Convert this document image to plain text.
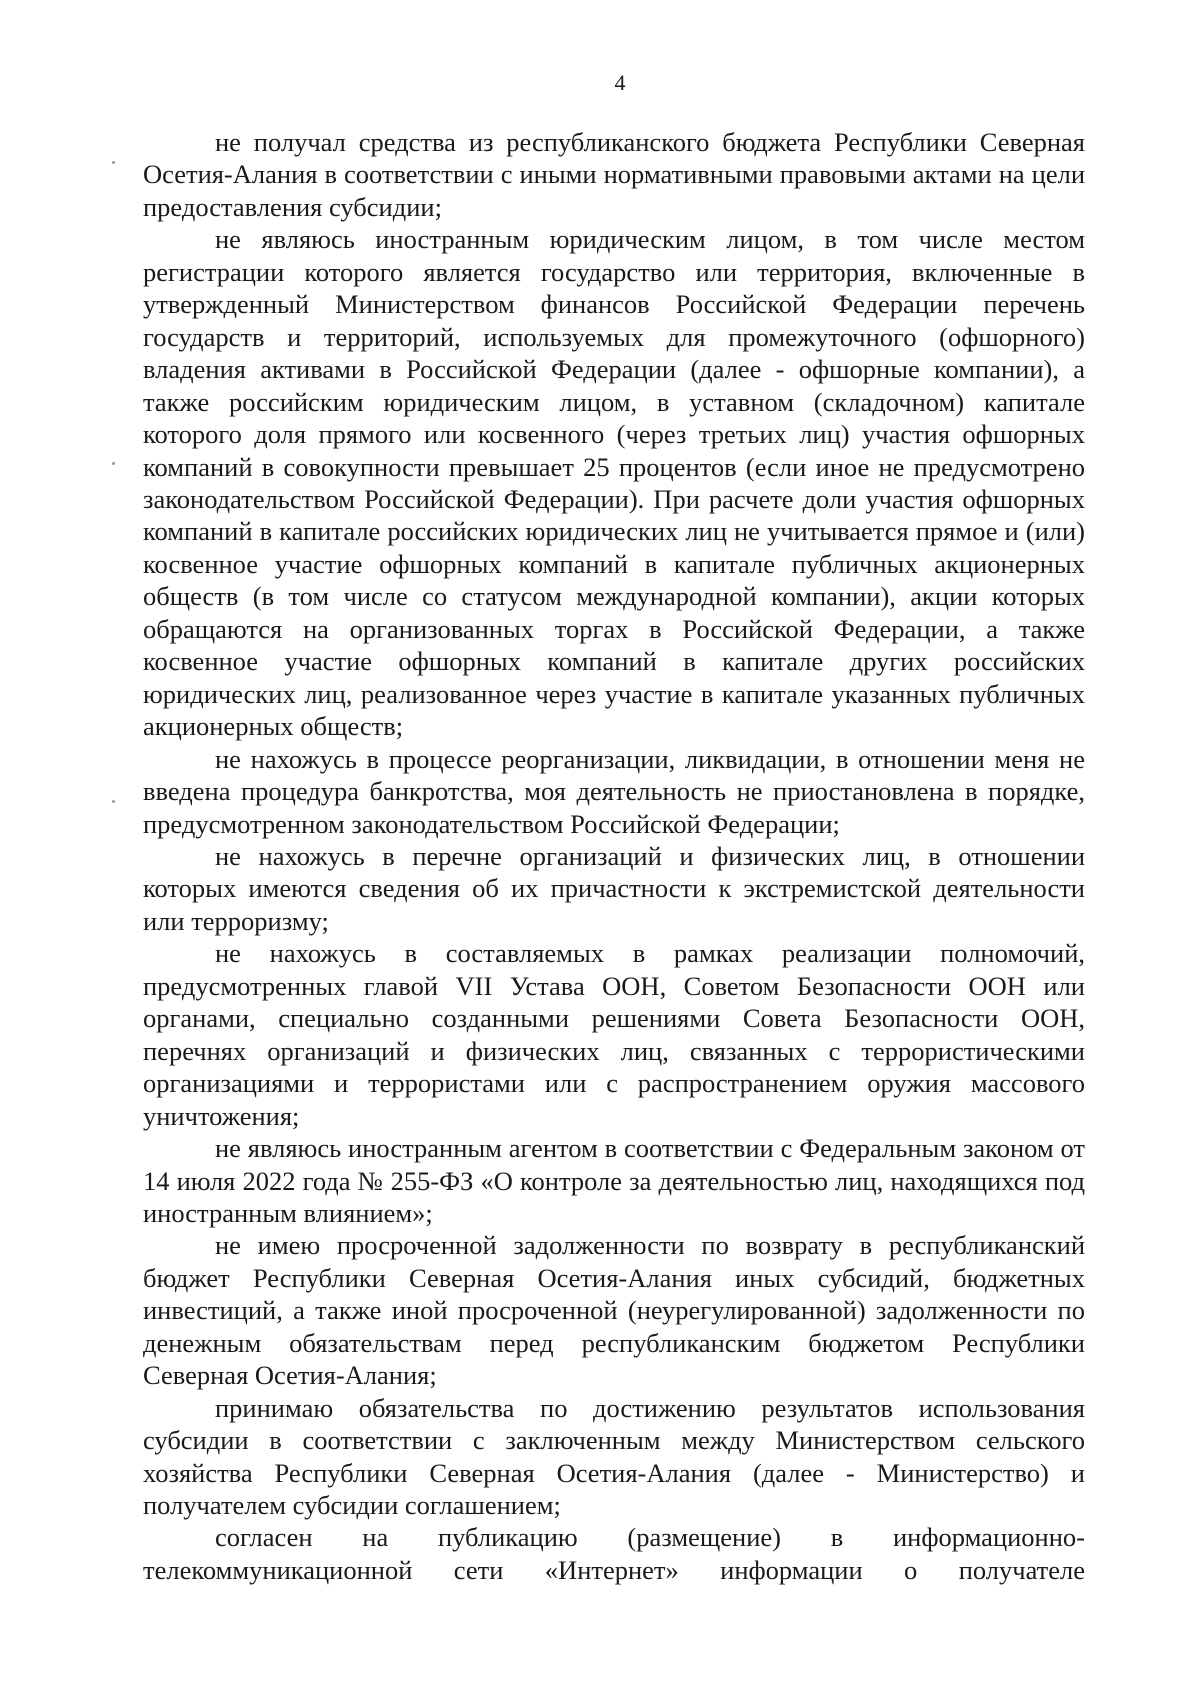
4

не получал средства из республиканского бюджета Республики Северная Осетия-Алания в соответствии с иными нормативными правовыми актами на цели предоставления субсидии;

не являюсь иностранным юридическим лицом, в том числе местом регистрации которого является государство или территория, включенные в утвержденный Министерством финансов Российской Федерации перечень государств и территорий, используемых для промежуточного (офшорного) владения активами в Российской Федерации (далее - офшорные компании), а также российским юридическим лицом, в уставном (складочном) капитале которого доля прямого или косвенного (через третьих лиц) участия офшорных компаний в совокупности превышает 25 процентов (если иное не предусмотрено законодательством Российской Федерации). При расчете доли участия офшорных компаний в капитале российских юридических лиц не учитывается прямое и (или) косвенное участие офшорных компаний в капитале публичных акционерных обществ (в том числе со статусом международной компании), акции которых обращаются на организованных торгах в Российской Федерации, а также косвенное участие офшорных компаний в капитале других российских юридических лиц, реализованное через участие в капитале указанных публичных акционерных обществ;

не нахожусь в процессе реорганизации, ликвидации, в отношении меня не введена процедура банкротства, моя деятельность не приостановлена в порядке, предусмотренном законодательством Российской Федерации;

не нахожусь в перечне организаций и физических лиц, в отношении которых имеются сведения об их причастности к экстремистской деятельности или терроризму;

не нахожусь в составляемых в рамках реализации полномочий, предусмотренных главой VII Устава ООН, Советом Безопасности ООН или органами, специально созданными решениями Совета Безопасности ООН, перечнях организаций и физических лиц, связанных с террористическими организациями и террористами или с распространением оружия массового уничтожения;

не являюсь иностранным агентом в соответствии с Федеральным законом от 14 июля 2022 года № 255-ФЗ «О контроле за деятельностью лиц, находящихся под иностранным влиянием»;

не имею просроченной задолженности по возврату в республиканский бюджет Республики Северная Осетия-Алания иных субсидий, бюджетных инвестиций, а также иной просроченной (неурегулированной) задолженности по денежным обязательствам перед республиканским бюджетом Республики Северная Осетия-Алания;

принимаю обязательства по достижению результатов использования субсидии в соответствии с заключенным между Министерством сельского хозяйства Республики Северная Осетия-Алания (далее - Министерство) и получателем субсидии соглашением;

согласен на публикацию (размещение) в информационно-телекоммуникационной сети «Интернет» информации о получателе
